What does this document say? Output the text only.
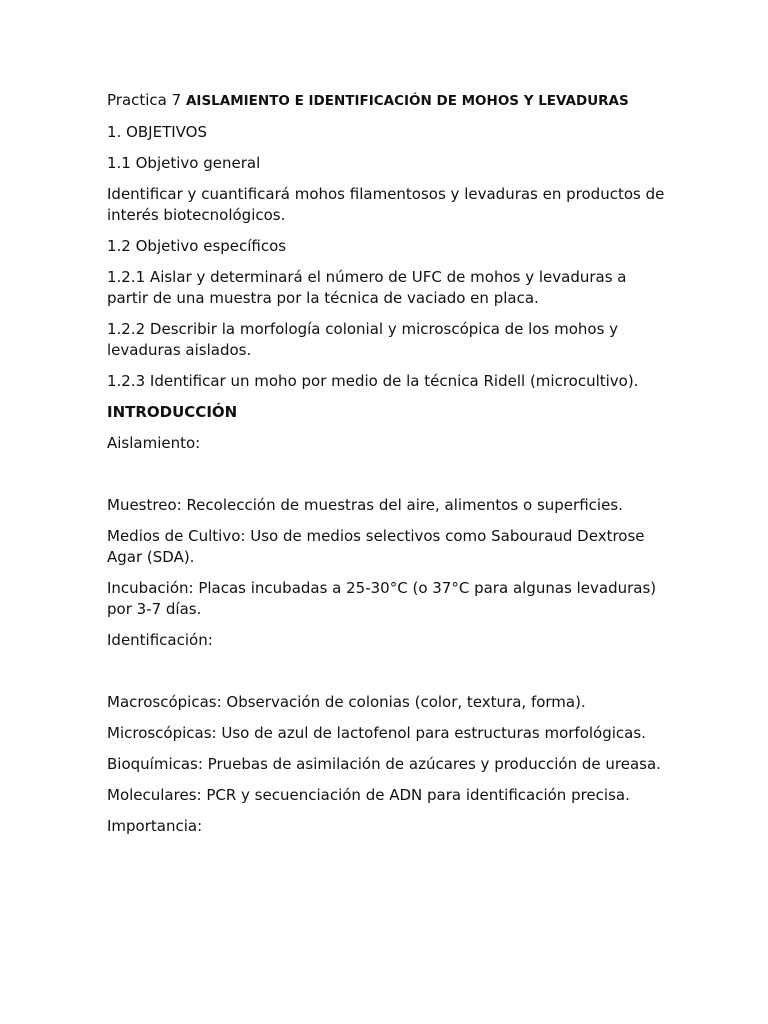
Practica 7 AISLAMIENTO E IDENTIFICACIÓN DE MOHOS Y LEVADURAS

1. OBJETIVOS

1.1 Objetivo general

Identificar y cuantificará mohos filamentosos y levaduras en productos de interés biotecnológicos.

1.2 Objetivo específicos

1.2.1 Aislar y determinará el número de UFC de mohos y levaduras a partir de una muestra por la técnica de vaciado en placa.

1.2.2 Describir la morfología colonial y microscópica de los mohos y levaduras aislados.

1.2.3 Identificar un moho por medio de la técnica Ridell (microcultivo).

INTRODUCCIÓN

Aislamiento:

Muestreo: Recolección de muestras del aire, alimentos o superficies.

Medios de Cultivo: Uso de medios selectivos como Sabouraud Dextrose Agar (SDA).

Incubación: Placas incubadas a 25-30°C (o 37°C para algunas levaduras) por 3-7 días.

Identificación:

Macroscópicas: Observación de colonias (color, textura, forma).

Microscópicas: Uso de azul de lactofenol para estructuras morfológicas.

Bioquímicas: Pruebas de asimilación de azúcares y producción de ureasa.

Moleculares: PCR y secuenciación de ADN para identificación precisa.

Importancia:
